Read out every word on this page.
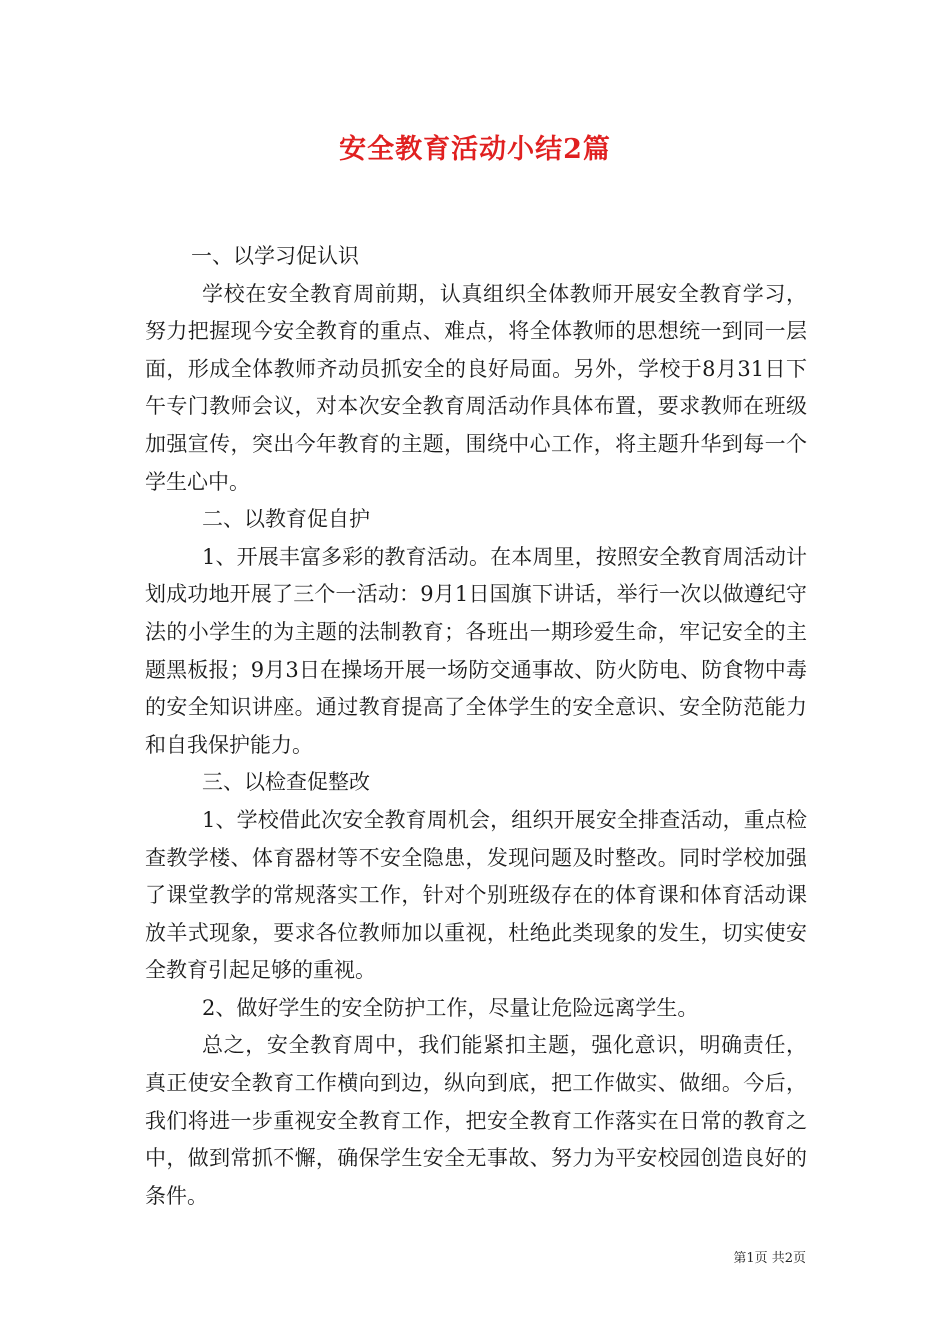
安全教育活动小结2篇

一、以学习促认识

学校在安全教育周前期，认真组织全体教师开展安全教育学习，努力把握现今安全教育的重点、难点，将全体教师的思想统一到同一层面，形成全体教师齐动员抓安全的良好局面。另外，学校于8月31日下午专门教师会议，对本次安全教育周活动作具体布置，要求教师在班级加强宣传，突出今年教育的主题，围绕中心工作，将主题升华到每一个学生心中。

二、以教育促自护

1、开展丰富多彩的教育活动。在本周里，按照安全教育周活动计划成功地开展了三个一活动：9月1日国旗下讲话，举行一次以做遵纪守法的小学生的为主题的法制教育；各班出一期珍爱生命，牢记安全的主题黑板报；9月3日在操场开展一场防交通事故、防火防电、防食物中毒的安全知识讲座。通过教育提高了全体学生的安全意识、安全防范能力和自我保护能力。

三、以检查促整改

1、学校借此次安全教育周机会，组织开展安全排查活动，重点检查教学楼、体育器材等不安全隐患，发现问题及时整改。同时学校加强了课堂教学的常规落实工作，针对个别班级存在的体育课和体育活动课放羊式现象，要求各位教师加以重视，杜绝此类现象的发生，切实使安全教育引起足够的重视。

2、做好学生的安全防护工作，尽量让危险远离学生。

总之，安全教育周中，我们能紧扣主题，强化意识，明确责任，真正使安全教育工作横向到边，纵向到底，把工作做实、做细。今后，我们将进一步重视安全教育工作，把安全教育工作落实在日常的教育之中，做到常抓不懈，确保学生安全无事故、努力为平安校园创造良好的条件。

第1页 共2页
